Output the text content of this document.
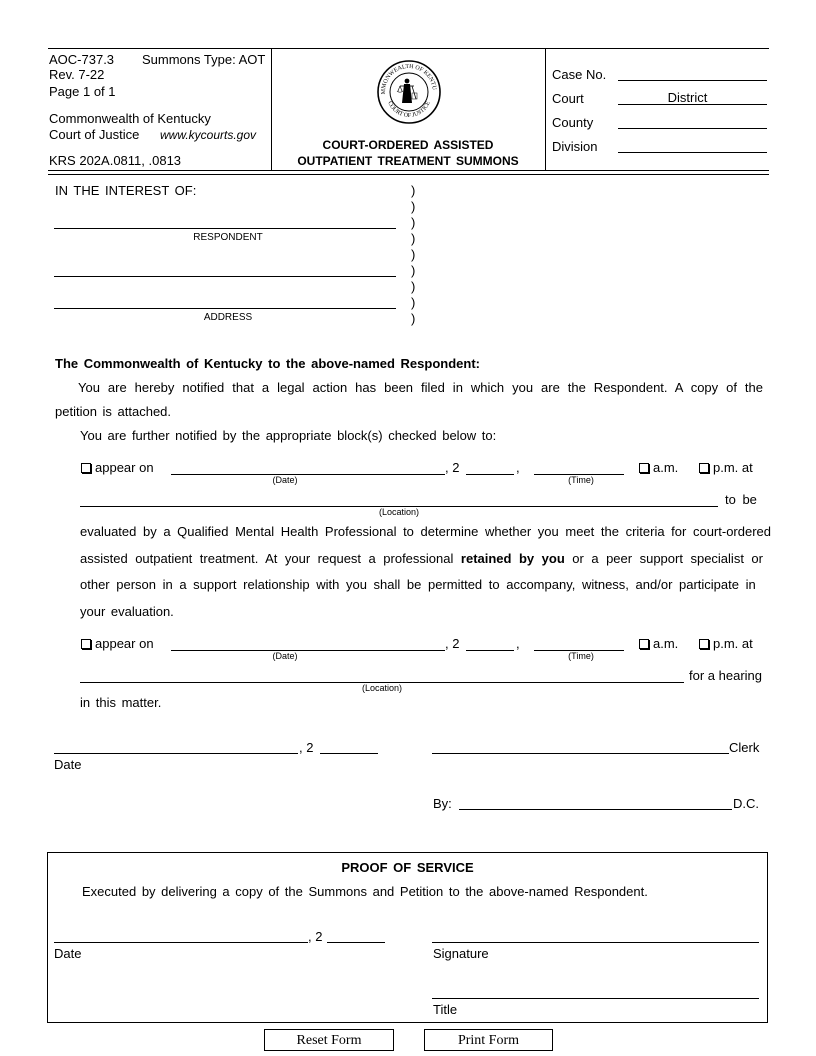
AOC-737.3 Summons Type: AOT
Rev. 7-22
Page 1 of 1
Commonwealth of Kentucky
Court of Justice www.kycourts.gov
KRS 202A.0811, .0813
MMONWEALTH OF KENTU
COURT OF JUSTICE
COURT-ORDERED ASSISTED
OUTPATIENT TREATMENT SUMMONS
Case No.
Court	District
County
Division
IN THE INTEREST OF:
RESPONDENT
ADDRESS
)
)
)
)
)
)
)
)
)
The Commonwealth of Kentucky to the above-named Respondent:
You are hereby notified that a legal action has been filed in which you are the Respondent. A copy of the
petition is attached.
You are further notified by the appropriate block(s) checked below to:
appear on
(Date)
, 2	,
(Time)
a.m.	p.m. at
(Location)
to be
evaluated by a Qualified Mental Health Professional to determine whether you meet the criteria for court-ordered
assisted outpatient treatment. At your request a professional retained by you or a peer support specialist or
other person in a support relationship with you shall be permitted to accompany, witness, and/or participate in
your evaluation.
appear on
(Date)
, 2	,
(Time)
a.m.	p.m. at
(Location)
for a hearing
in this matter.
, 2
Date
Clerk
By:	D.C.
PROOF OF SERVICE
Executed by delivering a copy of the Summons and Petition to the above-named Respondent.
, 2
Date	Signature
Title
Reset Form	Print Form
